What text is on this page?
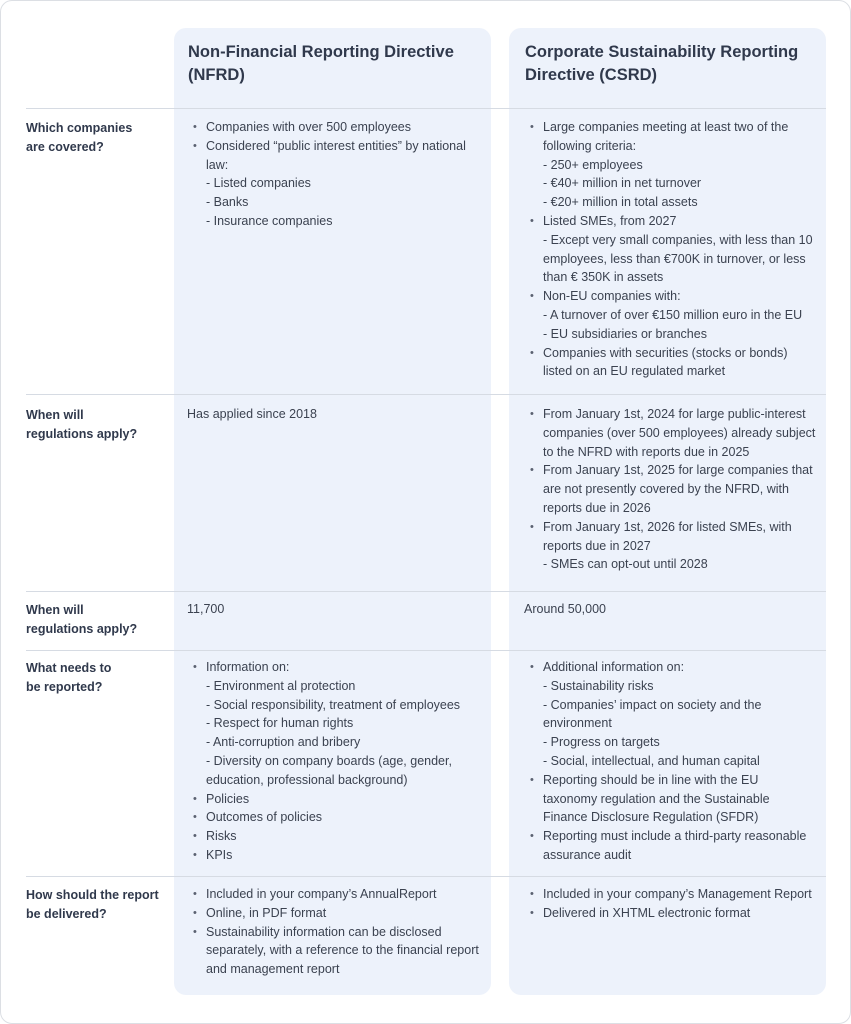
Non-Financial Reporting Directive (NFRD)
Corporate Sustainability Reporting Directive (CSRD)
Which companies
are covered?
• Companies with over 500 employees
• Considered “public interest entities” by national law:
- Listed companies
- Banks
- Insurance companies
• Large companies meeting at least two of the following criteria:
- 250+ employees
- €40+ million in net turnover
- €20+ million in total assets
• Listed SMEs, from 2027
- Except very small companies, with less than 10 employees, less than €700K in turnover, or less than € 350K in assets
• Non-EU companies with:
- A turnover of over €150 million euro in the EU
- EU subsidiaries or branches
• Companies with securities (stocks or bonds) listed on an EU regulated market
When will
regulations apply?
Has applied since 2018
•	From January 1st, 2024 for large public-interest companies (over 500 employees) already subject to the NFRD with reports due in 2025
• From January 1st, 2025 for large companies that are not presently covered by the NFRD, with reports due in 2026
• From January 1st, 2026 for listed SMEs, with reports due in 2027
- SMEs can opt-out until 2028
When will
regulations apply?
11,700	Around 50,000
What needs to
be reported?
• Information on:
- Environment al protection
- Social responsibility, treatment of employees
- Respect for human rights
- Anti-corruption and bribery
- Diversity on company boards (age, gender, education, professional background)
• Policies
• Outcomes of policies
• Risks
• KPIs
• Additional information on:
- Sustainability risks
- Companies’ impact on society and the environment
- Progress on targets
- Social, intellectual, and human capital
• Reporting should be in line with the EU taxonomy regulation and the Sustainable Finance Disclosure Regulation (SFDR)
• Reporting must include a third-party reasonable assurance audit
How should the report
be delivered?
• Included in your company’s AnnualReport
• Online, in PDF format
• Sustainability information can be disclosed separately, with a reference to the financial report and management report
• Included in your company’s Management Report
• Delivered in XHTML electronic format
